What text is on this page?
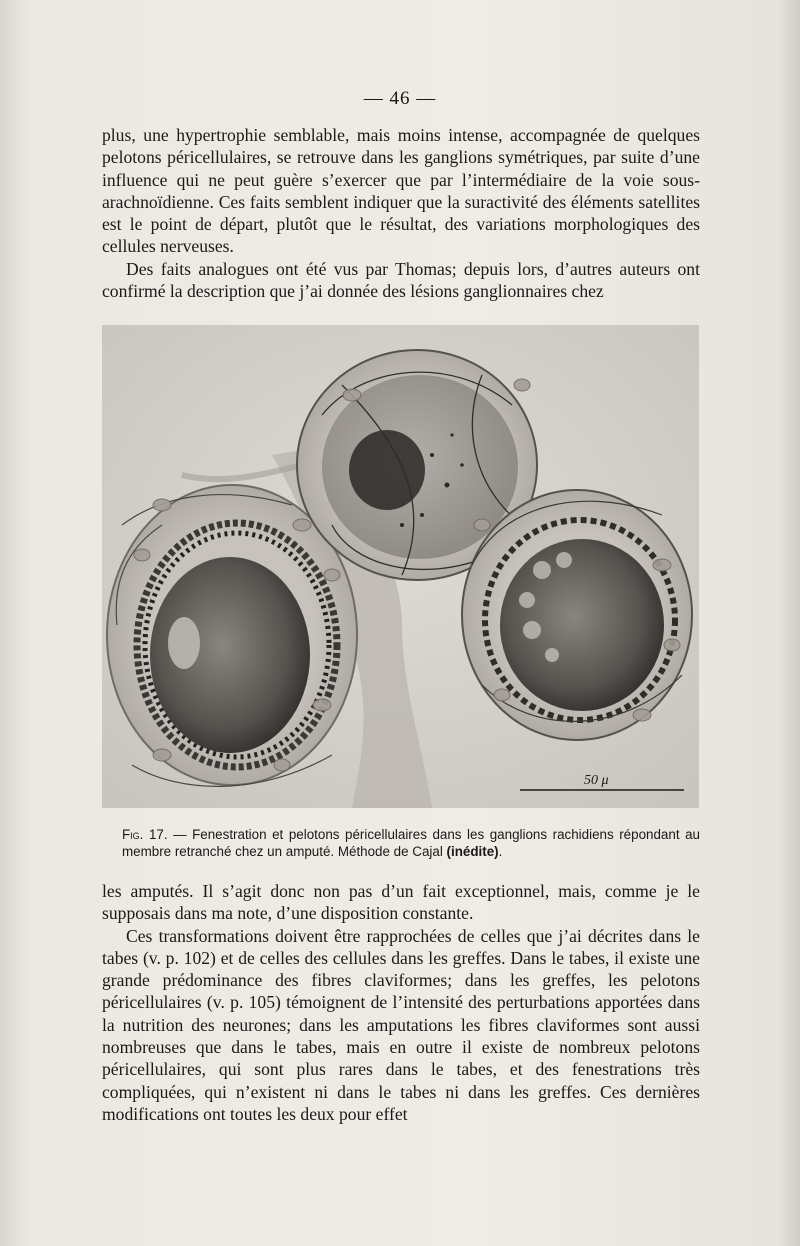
— 46 —

plus, une hypertrophie semblable, mais moins intense, accompagnée de quelques pelotons péricellulaires, se retrouve dans les ganglions symétriques, par suite d’une influence qui ne peut guère s’exercer que par l’intermédiaire de la voie sous-arachnoïdienne. Ces faits semblent indiquer que la suractivité des éléments satellites est le point de départ, plutôt que le résultat, des variations morphologiques des cellules nerveuses.

Des faits analogues ont été vus par Thomas; depuis lors, d’autres auteurs ont confirmé la description que j’ai donnée des lésions ganglionnaires chez

50 μ
Fig. 17. — Fenestration et pelotons péricellulaires dans les ganglions rachidiens répondant au membre retranché chez un amputé. Méthode de Cajal (inédite).

les amputés. Il s’agit donc non pas d’un fait exceptionnel, mais, comme je le supposais dans ma note, d’une disposition constante.

Ces transformations doivent être rapprochées de celles que j’ai décrites dans le tabes (v. p. 102) et de celles des cellules dans les greffes. Dans le tabes, il existe une grande prédominance des fibres claviformes; dans les greffes, les pelotons péricellulaires (v. p. 105) témoignent de l’intensité des perturbations apportées dans la nutrition des neurones; dans les amputations les fibres claviformes sont aussi nombreuses que dans le tabes, mais en outre il existe de nombreux pelotons péricellulaires, qui sont plus rares dans le tabes, et des fenestrations très compliquées, qui n’existent ni dans le tabes ni dans les greffes. Ces dernières modifications ont toutes les deux pour effet
